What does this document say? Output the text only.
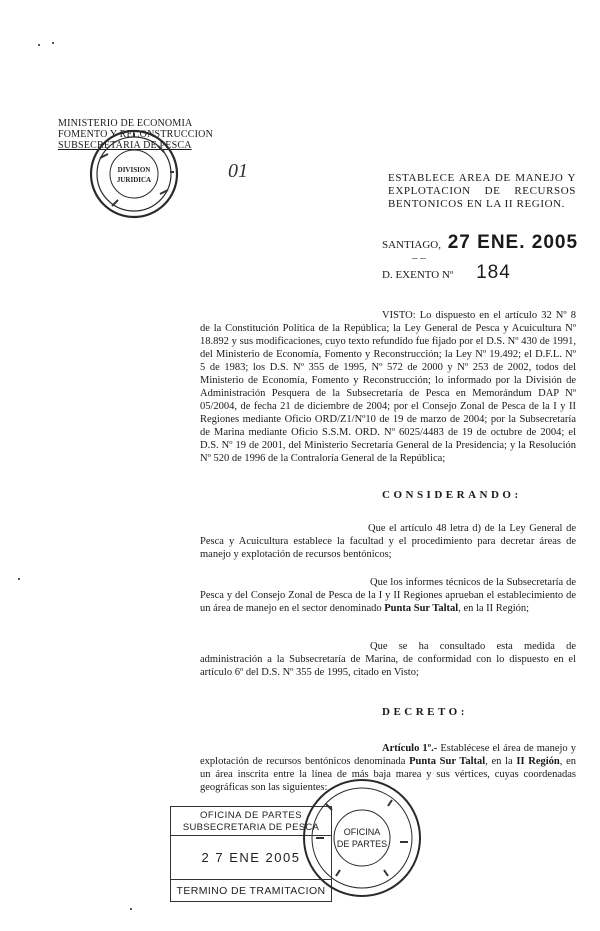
MINISTERIO DE ECONOMIA
FOMENTO Y RECONSTRUCCION
SUBSECRETARIA DE PESCA
DIVISION
JURIDICA	01	ESTABLECE AREA DE MANEJO Y EXPLOTACION DE RECURSOS BENTONICOS EN LA II REGION.
SANTIAGO, 27 ENE. 2005
– –
D. EXENTO Nº 184
VISTO: Lo dispuesto en el artículo 32 Nº 8 de la Constitución Política de la República; la Ley General de Pesca y Acuicultura Nº 18.892 y sus modificaciones, cuyo texto refundido fue fijado por el D.S. Nº 430 de 1991, del Ministerio de Economía, Fomento y Reconstrucción; la Ley Nº 19.492; el D.F.L. Nº 5 de 1983; los D.S. Nº 355 de 1995, Nº 572 de 2000 y Nº 253 de 2002, todos del Ministerio de Economía, Fomento y Reconstrucción; lo informado por la División de Administración Pesquera de la Subsecretaría de Pesca en Memorándum DAP Nº 05/2004, de fecha 21 de diciembre de 2004; por el Consejo Zonal de Pesca de la I y II Regiones mediante Oficio ORD/Z1/Nº10 de 19 de marzo de 2004; por la Subsecretaría de Marina mediante Oficio S.S.M. ORD. Nº 6025/4483 de 19 de octubre de 2004; el D.S. Nº 19 de 2001, del Ministerio Secretaría General de la Presidencia; y la Resolución Nº 520 de 1996 de la Contraloría General de la República;
CONSIDERANDO:
Que el artículo 48 letra d) de la Ley General de Pesca y Acuicultura establece la facultad y el procedimiento para decretar áreas de manejo y explotación de recursos bentónicos;
Que los informes técnicos de la Subsecretaría de Pesca y del Consejo Zonal de Pesca de la I y II Regiones aprueban el establecimiento de un área de manejo en el sector denominado Punta Sur Taltal, en la II Región;
Que se ha consultado esta medida de administración a la Subsecretaría de Marina, de conformidad con lo dispuesto en el artículo 6º del D.S. Nº 355 de 1995, citado en Visto;
DECRETO:
Artículo 1º.- Establécese el área de manejo y explotación de recursos bentónicos denominada Punta Sur Taltal, en la II Región, en un área inscrita entre la línea de más baja marea y sus vértices, cuyas coordenadas geográficas son las siguientes:
OFICINA DE PARTES
SUBSECRETARIA DE PESCA
2 7 ENE 2005
TERMINO DE TRAMITACION
OFICINA
DE PARTES
